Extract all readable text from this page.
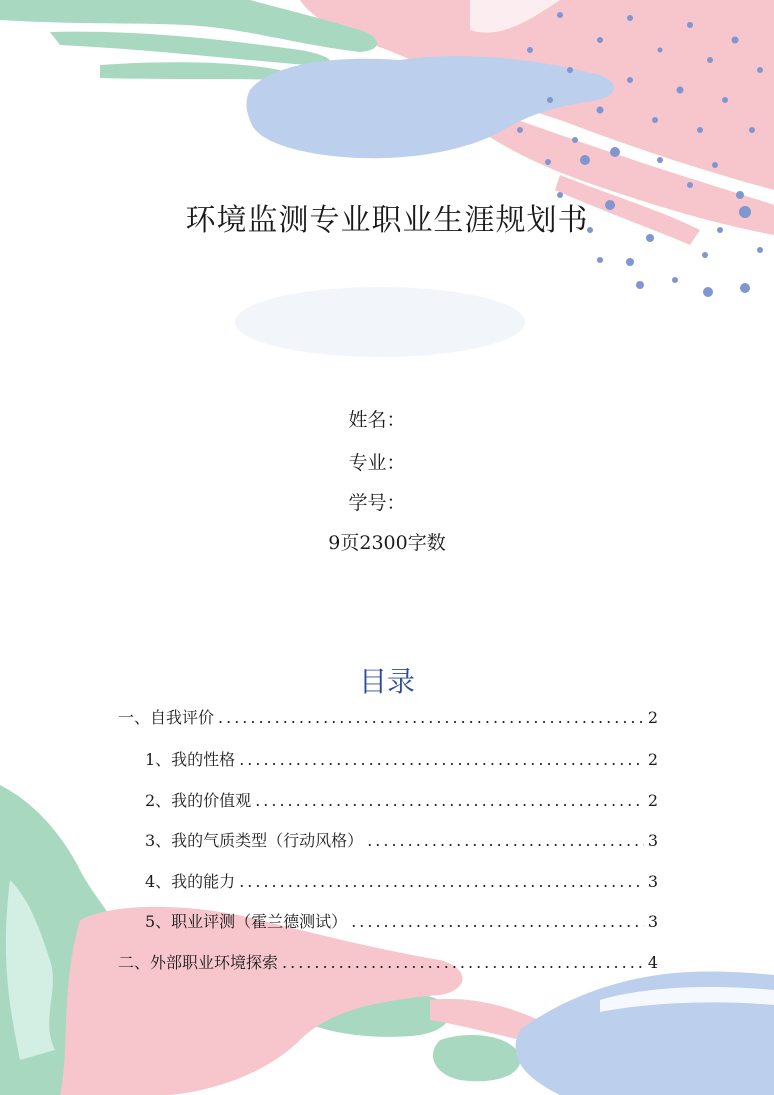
环境监测专业职业生涯规划书
姓名：
专业：
学号：
9页2300字数
目录
一、自我评价 .....	2
1、我的性格 .....	2
2、我的价值观 .....	2
3、我的气质类型（行动风格） .....	3
4、我的能力 .....	3
5、职业评测（霍兰德测试） .....	3
二、外部职业环境探索 .....	4
